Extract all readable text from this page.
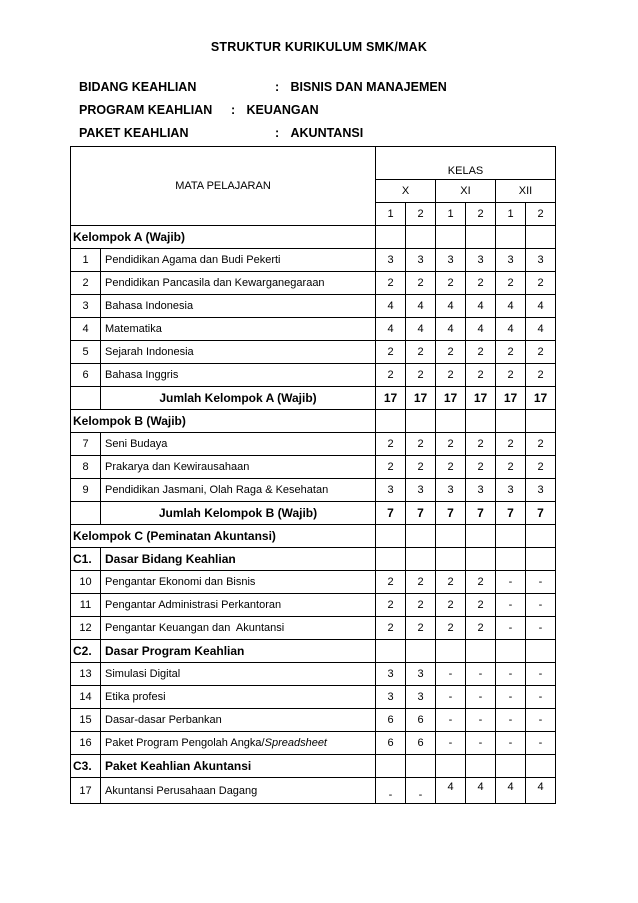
STRUKTUR KURIKULUM SMK/MAK
BIDANG KEAHLIAN	: BISNIS DAN MANAJEMEN
PROGRAM KEAHLIAN : KEUANGAN
PAKET KEAHLIAN	: AKUNTANSI
MATA PELAJARAN		KELAS					
		X		XI		XII	
		1	2	1	2	1	2
Kelompok A (Wajib)							
1	Pendidikan Agama dan Budi Pekerti	3	3	3	3	3	3
2	Pendidikan Pancasila dan Kewarganegaraan	2	2	2	2	2	2
3	Bahasa Indonesia	4	4	4	4	4	4
4	Matematika	4	4	4	4	4	4
5	Sejarah Indonesia	2	2	2	2	2	2
6	Bahasa Inggris	2	2	2	2	2	2
	Jumlah Kelompok A (Wajib)	17	17	17	17	17	17
Kelompok B (Wajib)							
7	Seni Budaya	2	2	2	2	2	2
8	Prakarya dan Kewirausahaan	2	2	2	2	2	2
9	Pendidikan Jasmani, Olah Raga & Kesehatan	3	3	3	3	3	3
	Jumlah Kelompok B (Wajib)	7	7	7	7	7	7
Kelompok C (Peminatan Akuntansi)							
C1.	Dasar Bidang Keahlian						
10	Pengantar Ekonomi dan Bisnis	2	2	2	2	-	-
11	Pengantar Administrasi Perkantoran	2	2	2	2	-	-
12	Pengantar Keuangan dan  Akuntansi	2	2	2	2	-	-
C2.	Dasar Program Keahlian						
13	Simulasi Digital	3	3	-	-	-	-
14	Etika profesi	3	3	-	-	-	-
15	Dasar-dasar Perbankan	6	6	-	-	-	-
16	Paket Program Pengolah Angka/Spreadsheet	6	6	-	-	-	-
C3.	Paket Keahlian Akuntansi						
17	Akuntansi Perusahaan Dagang	-	-	4	4	4	4
